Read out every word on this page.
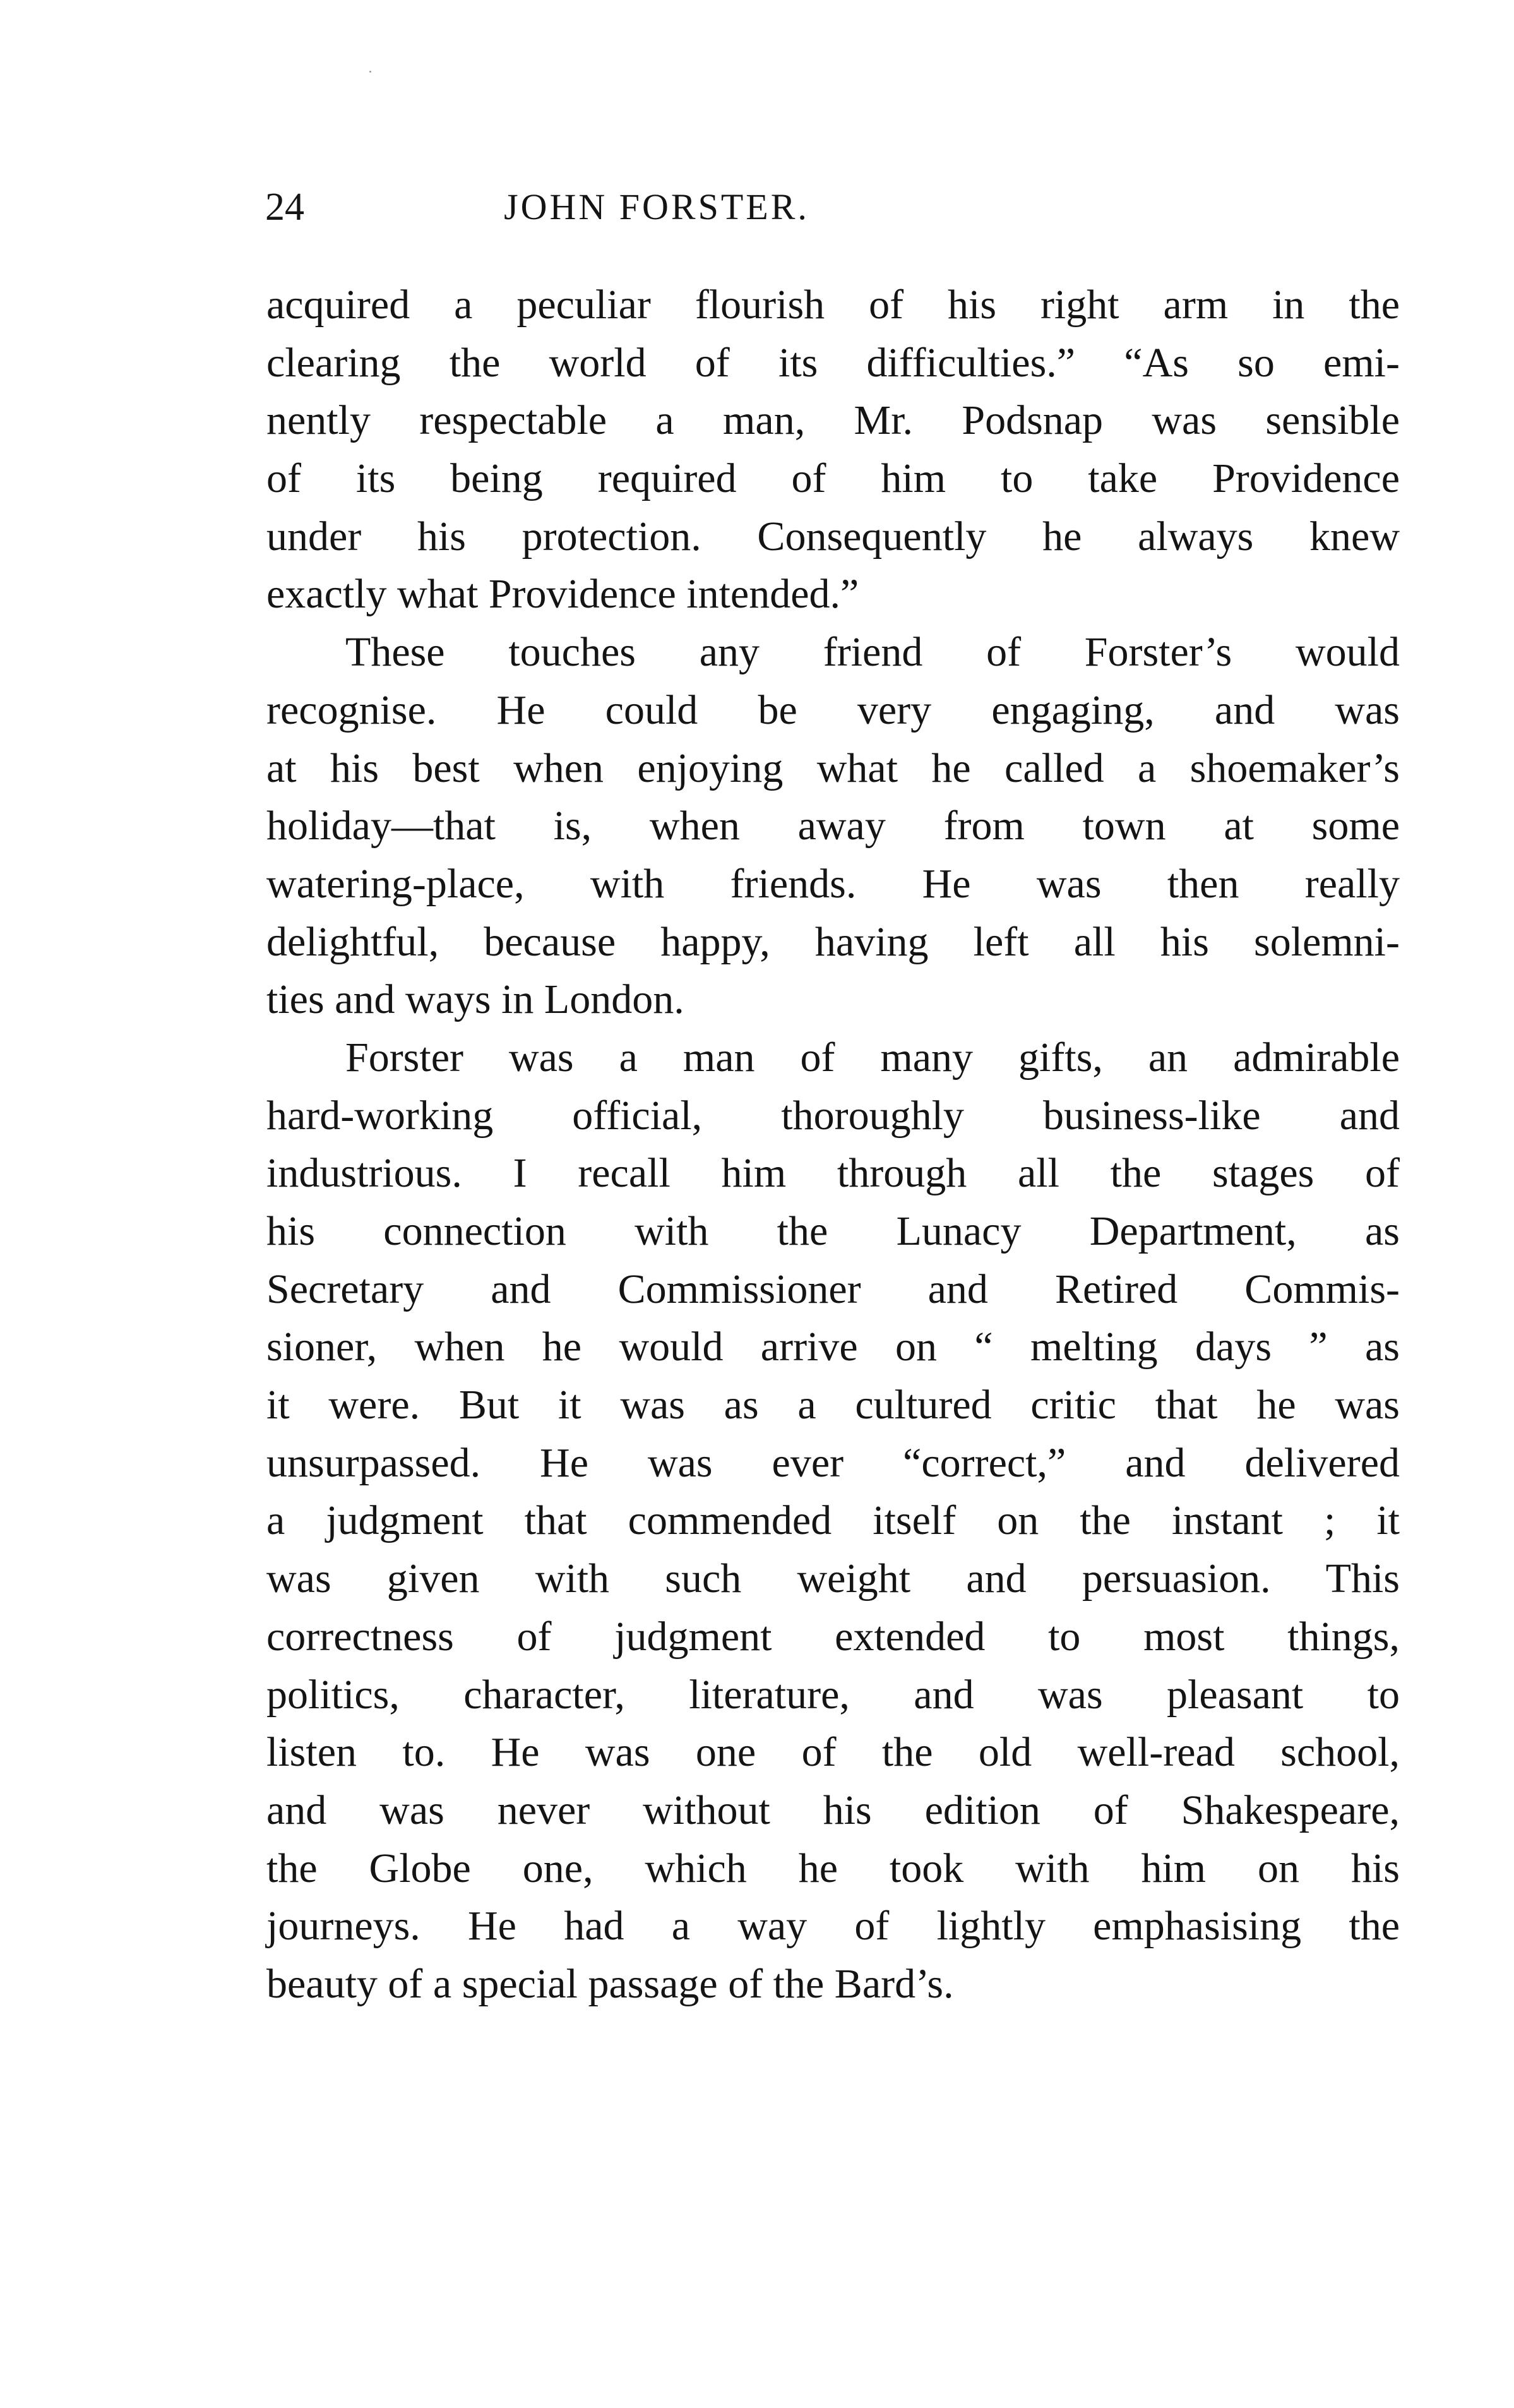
24	JOHN FORSTER.
acquired a peculiar flourish of his right arm in the
clearing the world of its difficulties.” “As so emi-
nently respectable a man, Mr. Podsnap was sensible
of its being required of him to take Providence
under his protection. Consequently he always knew
exactly what Providence intended.”
These touches any friend of Forster’s would
recognise. He could be very engaging, and was
at his best when enjoying what he called a shoemaker’s
holiday—that is, when away from town at some
watering-place, with friends. He was then really
delightful, because happy, having left all his solemni-
ties and ways in London.
Forster was a man of many gifts, an admirable
hard-working official, thoroughly business-like and
industrious. I recall him through all the stages of
his connection with the Lunacy Department, as
Secretary and Commissioner and Retired Commis-
sioner, when he would arrive on “ melting days ” as
it were. But it was as a cultured critic that he was
unsurpassed. He was ever “correct,” and delivered
a judgment that commended itself on the instant ; it
was given with such weight and persuasion. This
correctness of judgment extended to most things,
politics, character, literature, and was pleasant to
listen to. He was one of the old well-read school,
and was never without his edition of Shakespeare,
the Globe one, which he took with him on his
journeys. He had a way of lightly emphasising the
beauty of a special passage of the Bard’s.
